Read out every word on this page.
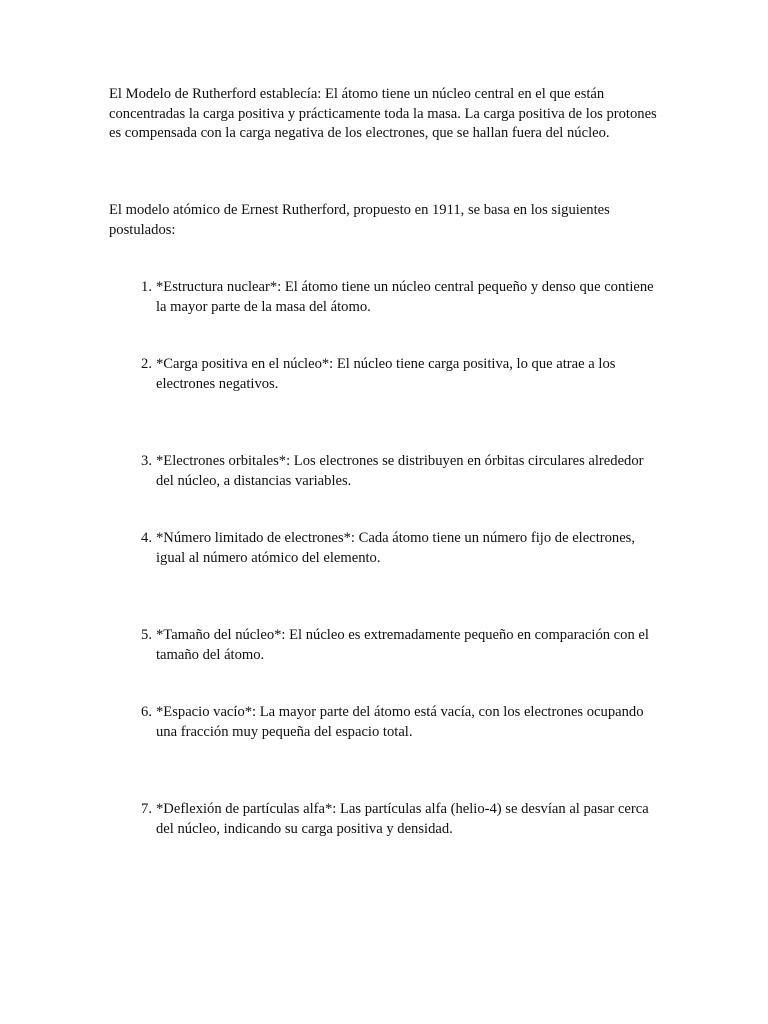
El Modelo de Rutherford establecía: El átomo tiene un núcleo central en el que están concentradas la carga positiva y prácticamente toda la masa. La carga positiva de los protones es compensada con la carga negativa de los electrones, que se hallan fuera del núcleo.

El modelo atómico de Ernest Rutherford, propuesto en 1911, se basa en los siguientes postulados:

1. *Estructura nuclear*: El átomo tiene un núcleo central pequeño y denso que contiene la mayor parte de la masa del átomo.
2. *Carga positiva en el núcleo*: El núcleo tiene carga positiva, lo que atrae a los electrones negativos.
3. *Electrones orbitales*: Los electrones se distribuyen en órbitas circulares alrededor del núcleo, a distancias variables.
4. *Número limitado de electrones*: Cada átomo tiene un número fijo de electrones, igual al número atómico del elemento.
5. *Tamaño del núcleo*: El núcleo es extremadamente pequeño en comparación con el tamaño del átomo.
6. *Espacio vacío*: La mayor parte del átomo está vacía, con los electrones ocupando una fracción muy pequeña del espacio total.
7. *Deflexión de partículas alfa*: Las partículas alfa (helio-4) se desvían al pasar cerca del núcleo, indicando su carga positiva y densidad.
